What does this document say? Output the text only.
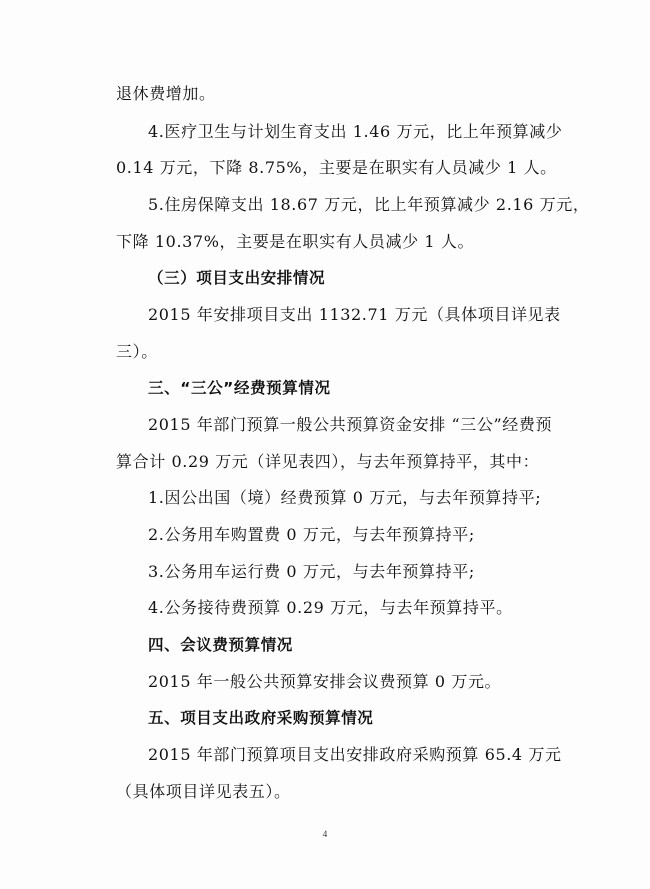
退休费增加。
4.医疗卫生与计划生育支出 1.46 万元，比上年预算减少
0.14 万元，下降 8.75%，主要是在职实有人员减少 1 人。
5.住房保障支出 18.67 万元，比上年预算减少 2.16 万元，
下降 10.37%，主要是在职实有人员减少 1 人。
（三）项目支出安排情况
2015 年安排项目支出 1132.71 万元（具体项目详见表
三）。
三、“三公”经费预算情况
2015 年部门预算一般公共预算资金安排 “三公”经费预
算合计 0.29 万元（详见表四），与去年预算持平，其中：
1.因公出国（境）经费预算 0 万元，与去年预算持平;
2.公务用车购置费 0 万元，与去年预算持平;
3.公务用车运行费 0 万元，与去年预算持平;
4.公务接待费预算 0.29 万元，与去年预算持平。
四、会议费预算情况
2015 年一般公共预算安排会议费预算 0 万元。
五、项目支出政府采购预算情况
2015 年部门预算项目支出安排政府采购预算 65.4 万元
（具体项目详见表五）。
4
